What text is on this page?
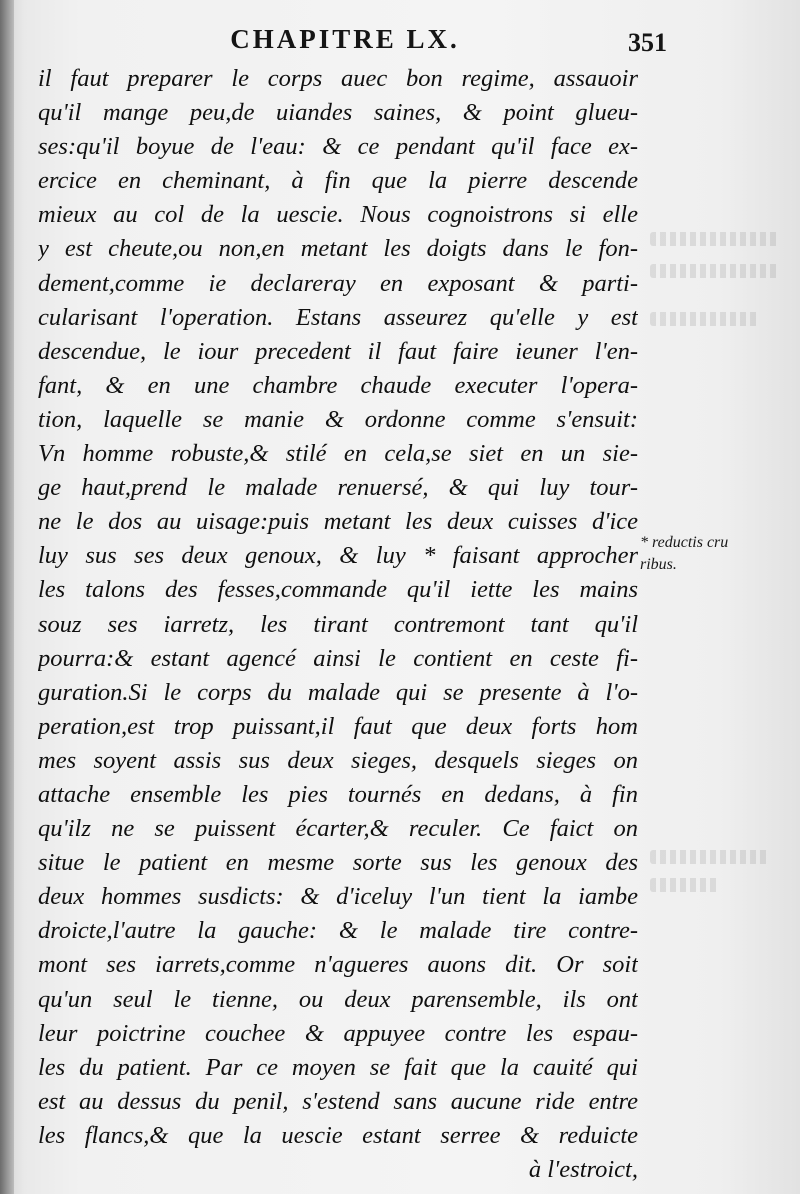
CHAPITRE LX.	351
il faut preparer le corps auec bon regime, assauoir
qu'il mange peu,de uiandes saines, & point glueu-
ses:qu'il boyue de l'eau: & ce pendant qu'il face ex-
ercice en cheminant, à fin que la pierre descende
mieux au col de la uescie. Nous cognoistrons si elle
y est cheute,ou non,en metant les doigts dans le fon-
dement,comme ie declareray en exposant & parti-
cularisant l'operation. Estans asseurez qu'elle y est
descendue, le iour precedent il faut faire ieuner l'en-
fant, & en une chambre chaude executer l'opera-
tion, laquelle se manie & ordonne comme s'ensuit:
Vn homme robuste,& stilé en cela,se siet en un sie-
ge haut,prend le malade renuersé, & qui luy tour-
ne le dos au uisage:puis metant les deux cuisses d'ice
luy sus ses deux genoux, & luy * faisant approcher
les talons des fesses,commande qu'il iette les mains
souz ses iarretz, les tirant contremont tant qu'il
pourra:& estant agencé ainsi le contient en ceste fi-
guration.Si le corps du malade qui se presente à l'o-
peration,est trop puissant,il faut que deux forts hom
mes soyent assis sus deux sieges, desquels sieges on
attache ensemble les pies tournés en dedans, à fin
qu'ilz ne se puissent écarter,& reculer. Ce faict on
situe le patient en mesme sorte sus les genoux des
deux hommes susdicts: & d'iceluy l'un tient la iambe
droicte,l'autre la gauche: & le malade tire contre-
mont ses iarrets,comme n'agueres auons dit. Or soit
qu'un seul le tienne, ou deux parensemble, ils ont
leur poictrine couchee & appuyee contre les espau-
les du patient. Par ce moyen se fait que la cauité qui
est au dessus du penil, s'estend sans aucune ride entre
les flancs,& que la uescie estant serree & reduicte
à l'estroict,
* reductis cru
ribus.
